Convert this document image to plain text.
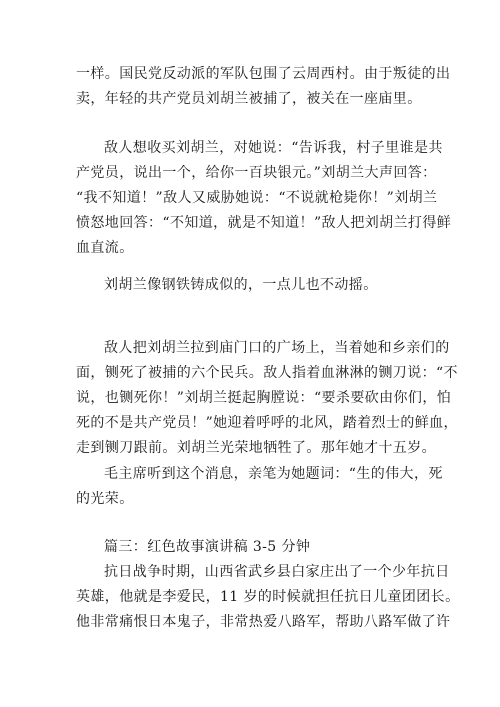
一样。国民党反动派的军队包围了云周西村。由于叛徒的出
卖，年轻的共产党员刘胡兰被捕了，被关在一座庙里。

敌人想收买刘胡兰，对她说：“告诉我，村子里谁是共
产党员，说出一个，给你一百块银元。”刘胡兰大声回答：
“我不知道！”敌人又威胁她说：“不说就枪毙你！”刘胡兰
愤怒地回答：“不知道，就是不知道！”敌人把刘胡兰打得鲜
血直流。

刘胡兰像钢铁铸成似的，一点儿也不动摇。

敌人把刘胡兰拉到庙门口的广场上，当着她和乡亲们的
面，铡死了被捕的六个民兵。敌人指着血淋淋的铡刀说：“不
说，也铡死你！”刘胡兰挺起胸膛说：“要杀要砍由你们，怕
死的不是共产党员！”她迎着呼呼的北风，踏着烈士的鲜血，
走到铡刀跟前。刘胡兰光荣地牺牲了。那年她才十五岁。

毛主席听到这个消息，亲笔为她题词：“生的伟大，死
的光荣。

篇三：红色故事演讲稿 3-5 分钟
抗日战争时期，山西省武乡县白家庄出了一个少年抗日
英雄，他就是李爱民，11 岁的时候就担任抗日儿童团团长。
他非常痛恨日本鬼子，非常热爱八路军，帮助八路军做了许
